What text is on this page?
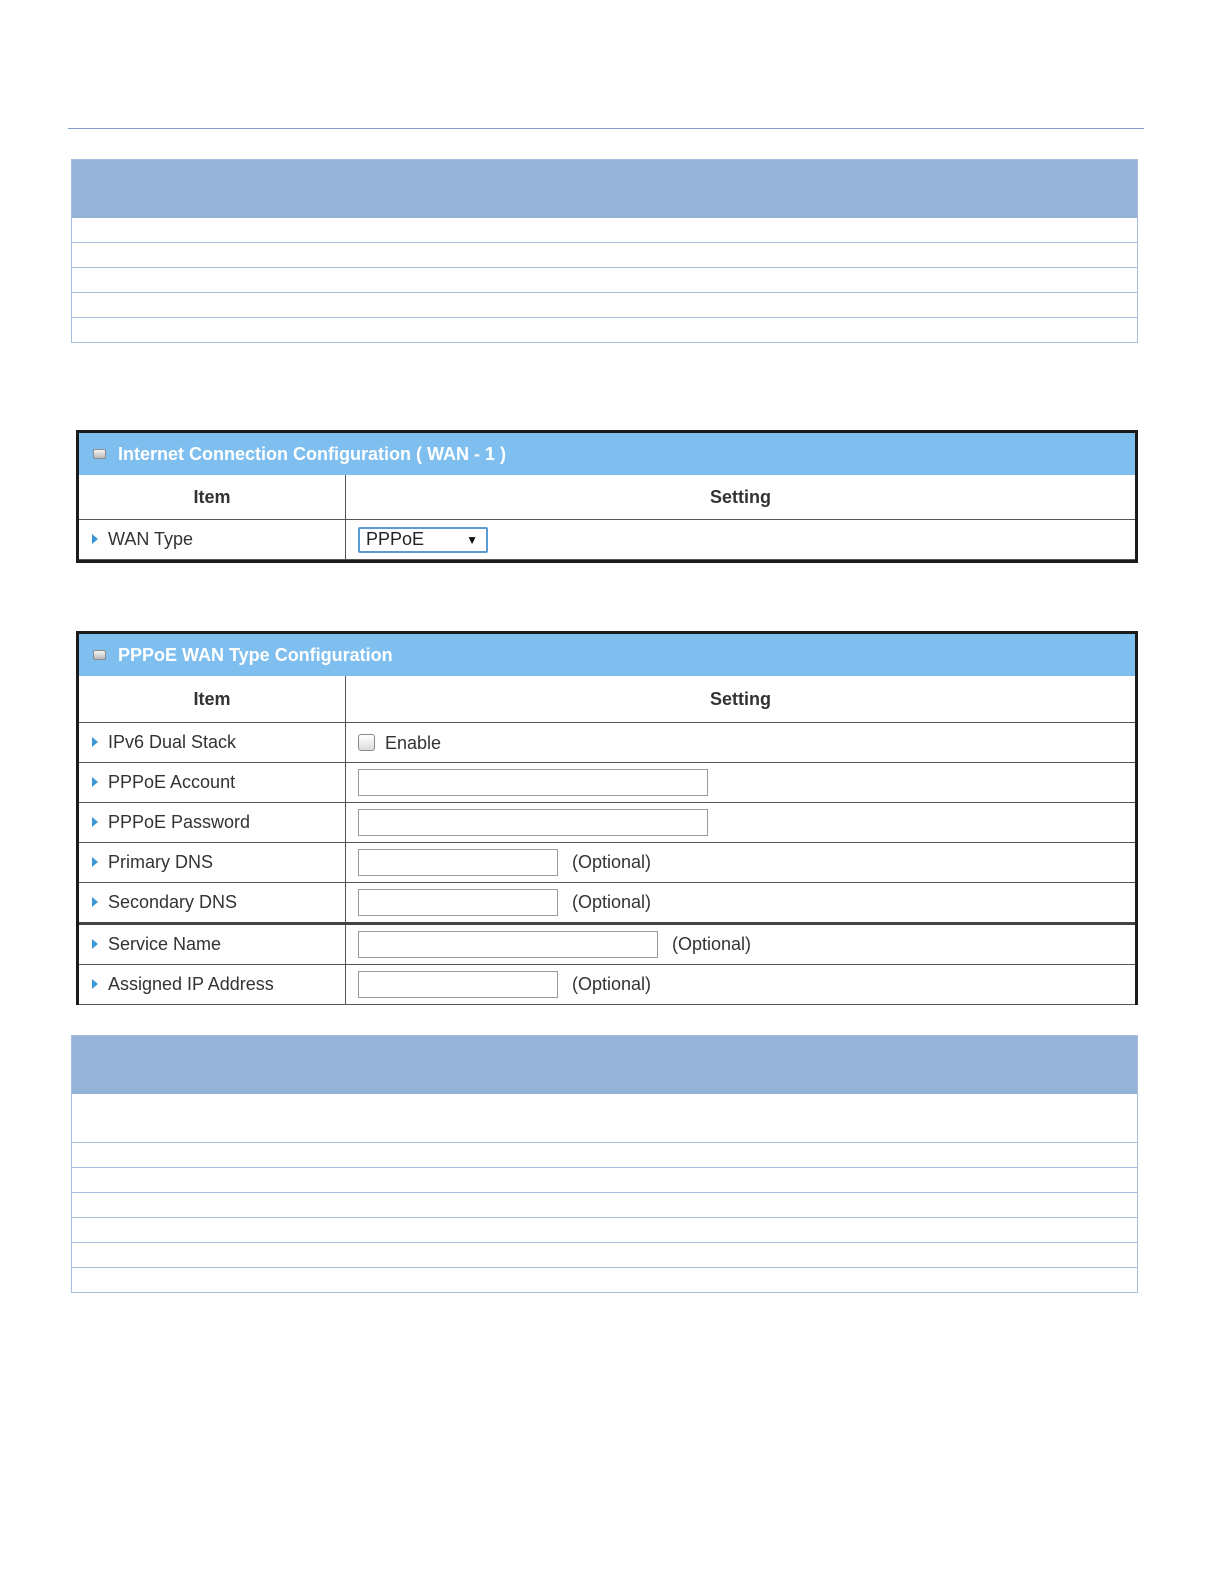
Internet Connection Configuration ( WAN - 1 )
Item	Setting
WAN Type	PPPoE ▼
PPPoE WAN Type Configuration
Item	Setting
IPv6 Dual Stack	Enable
PPPoE Account	
PPPoE Password	
Primary DNS	(Optional)
Secondary DNS	(Optional)
Service Name	(Optional)
Assigned IP Address	(Optional)
